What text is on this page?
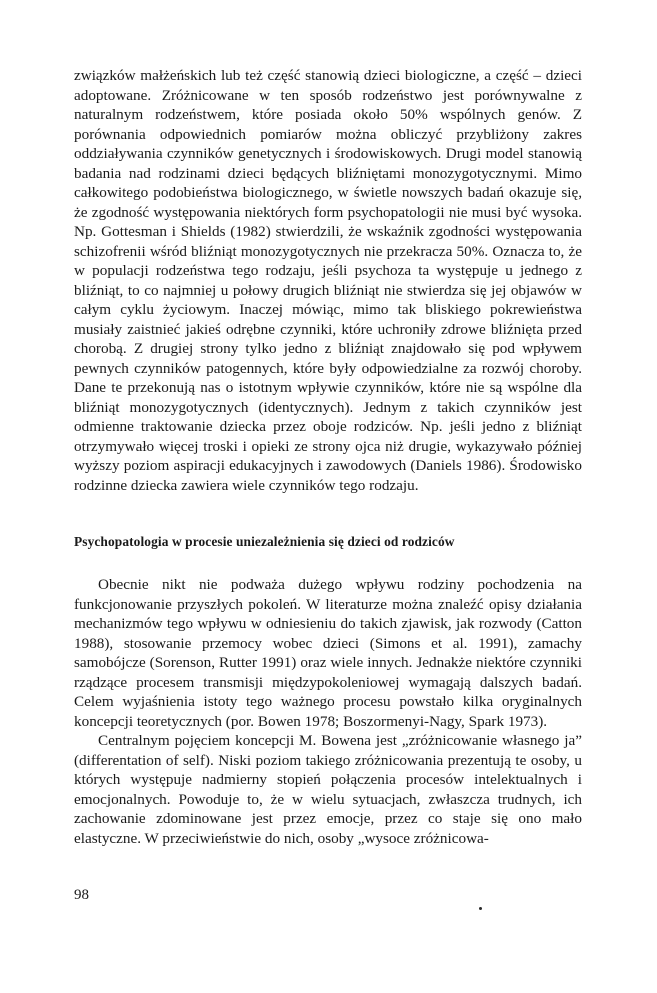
związków małżeńskich lub też część stanowią dzieci biologiczne, a część – dzieci adoptowane. Zróżnicowane w ten sposób rodzeństwo jest porównywalne z naturalnym rodzeństwem, które posiada około 50% wspólnych genów. Z porównania odpowiednich pomiarów można obliczyć przybliżony zakres oddziaływania czynników genetycznych i środowiskowych. Drugi model stanowią badania nad rodzinami dzieci będących bliźniętami monozygotycznymi. Mimo całkowitego podobieństwa biologicznego, w świetle nowszych badań okazuje się, że zgodność występowania niektórych form psychopatologii nie musi być wysoka. Np. Gottesman i Shields (1982) stwierdzili, że wskaźnik zgodności występowania schizofrenii wśród bliźniąt monozygotycznych nie przekracza 50%. Oznacza to, że w populacji rodzeństwa tego rodzaju, jeśli psychoza ta występuje u jednego z bliźniąt, to co najmniej u połowy drugich bliźniąt nie stwierdza się jej objawów w całym cyklu życiowym. Inaczej mówiąc, mimo tak bliskiego pokrewieństwa musiały zaistnieć jakieś odrębne czynniki, które uchroniły zdrowe bliźnięta przed chorobą. Z drugiej strony tylko jedno z bliźniąt znajdowało się pod wpływem pewnych czynników patogennych, które były odpowiedzialne za rozwój choroby. Dane te przekonują nas o istotnym wpływie czynników, które nie są wspólne dla bliźniąt monozygotycznych (identycznych). Jednym z takich czynników jest odmienne traktowanie dziecka przez oboje rodziców. Np. jeśli jedno z bliźniąt otrzymywało więcej troski i opieki ze strony ojca niż drugie, wykazywało później wyższy poziom aspiracji edukacyjnych i zawodowych (Daniels 1986). Środowisko rodzinne dziecka zawiera wiele czynników tego rodzaju.

Psychopatologia w procesie uniezależnienia się dzieci od rodziców

Obecnie nikt nie podważa dużego wpływu rodziny pochodzenia na funkcjonowanie przyszłych pokoleń. W literaturze można znaleźć opisy działania mechanizmów tego wpływu w odniesieniu do takich zjawisk, jak rozwody (Catton 1988), stosowanie przemocy wobec dzieci (Simons et al. 1991), zamachy samobójcze (Sorenson, Rutter 1991) oraz wiele innych. Jednakże niektóre czynniki rządzące procesem transmisji międzypokoleniowej wymagają dalszych badań. Celem wyjaśnienia istoty tego ważnego procesu powstało kilka oryginalnych koncepcji teoretycznych (por. Bowen 1978; Boszormenyi-Nagy, Spark 1973).

Centralnym pojęciem koncepcji M. Bowena jest „zróżnicowanie własnego ja” (differentation of self). Niski poziom takiego zróżnicowania prezentują te osoby, u których występuje nadmierny stopień połączenia procesów intelektualnych i emocjonalnych. Powoduje to, że w wielu sytuacjach, zwłaszcza trudnych, ich zachowanie zdominowane jest przez emocje, przez co staje się ono mało elastyczne. W przeciwieństwie do nich, osoby „wysoce zróżnicowa-

98
